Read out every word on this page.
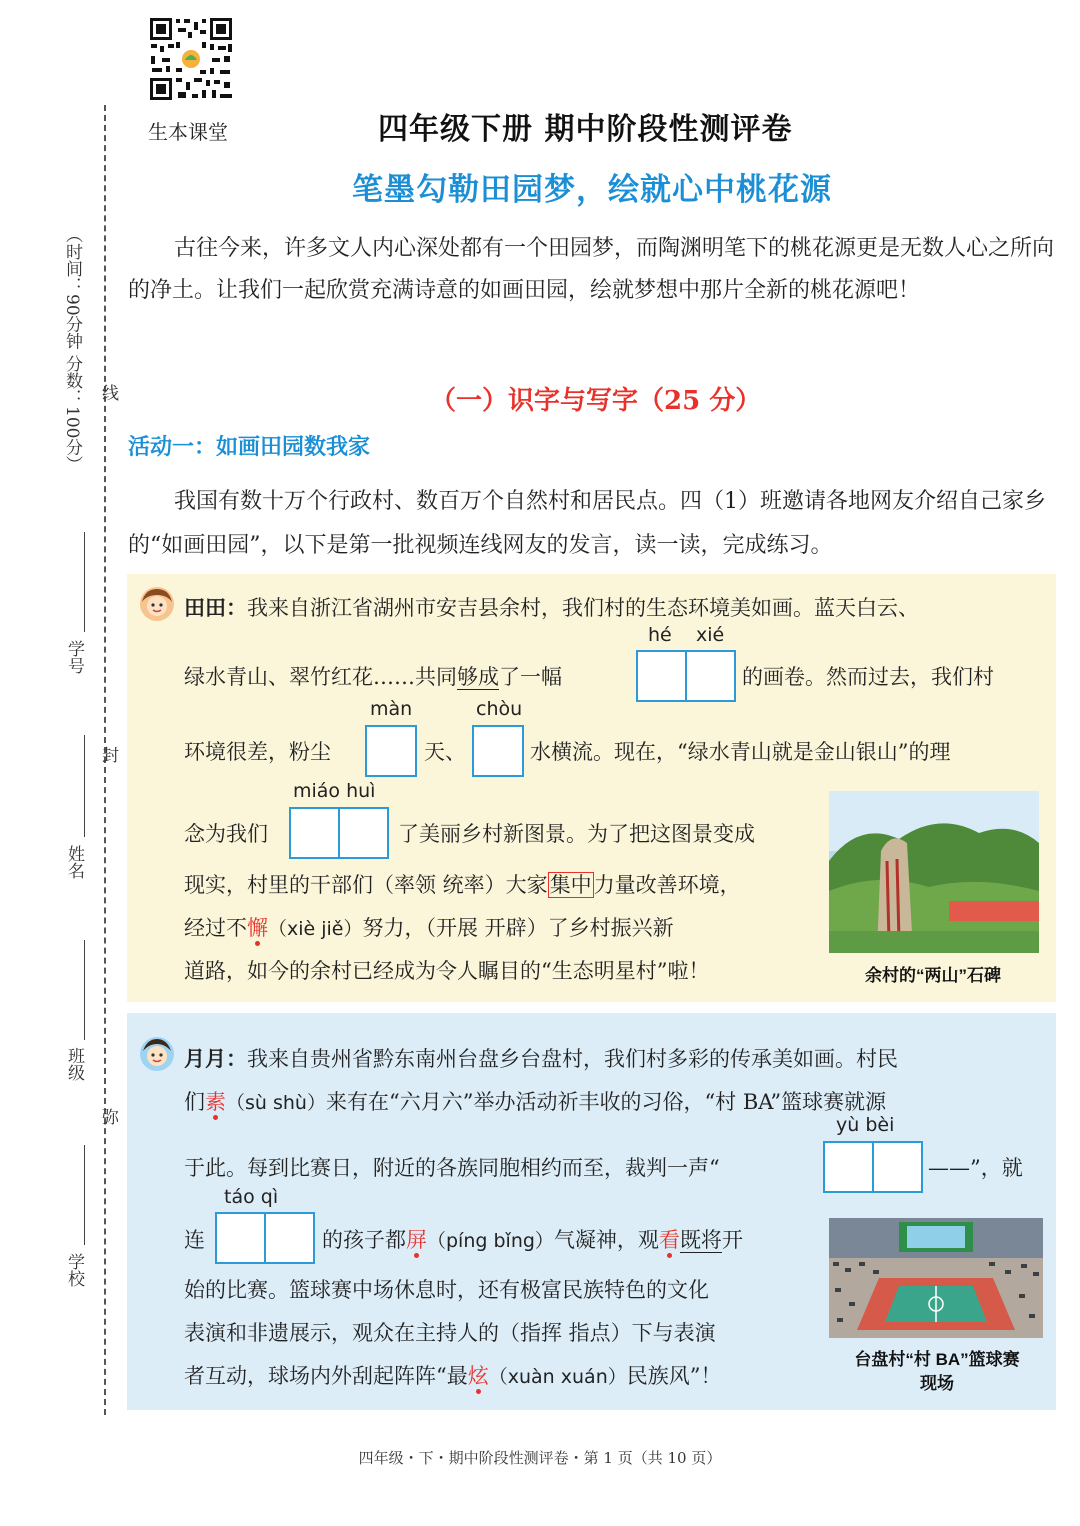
（时间：90分钟 分数：100分） 线
封
弥
学号
姓名
班级
学校
生本课堂	四年级下册 期中阶段性测评卷
笔墨勾勒田园梦，绘就心中桃花源
古往今来，许多文人内心深处都有一个田园梦，而陶渊明笔下的桃花源更是无数人心之所向的净土。让我们一起欣赏充满诗意的如画田园，绘就梦想中那片全新的桃花源吧！
（一）识字与写字（25 分）
活动一：如画田园数我家
我国有数十万个行政村、数百万个自然村和居民点。四（1）班邀请各地网友介绍自己家乡的“如画田园”，以下是第一批视频连线网友的发言，读一读，完成练习。
田田：我来自浙江省湖州市安吉县余村，我们村的生态环境美如画。蓝天白云、
hé xié
绿水青山、翠竹红花……共同够成了一幅	的画卷。然而过去，我们村
màn	chòu
环境很差，粉尘	天、	水横流。现在，“绿水青山就是金山银山”的理
miáo huì
念为我们	了美丽乡村新图景。为了把这图景变成
现实，村里的干部们（率领 统率）大家集中力量改善环境，
经过不懈（xiè jiě）努力，（开展 开辟）了乡村振兴新
道路，如今的余村已经成为令人瞩目的“生态明星村”啦！	余村的“两山”石碑
月月：我来自贵州省黔东南州台盘乡台盘村，我们村多彩的传承美如画。村民
们素（sù shù）来有在“六月六”举办活动祈丰收的习俗，“村 BA”篮球赛就源
yù bèi
于此。每到比赛日，附近的各族同胞相约而至，裁判一声“	——”，就
táo qì
连	的孩子都屏（píng bǐng）气凝神，观看既将开
始的比赛。篮球赛中场休息时，还有极富民族特色的文化
表演和非遗展示，观众在主持人的（指挥 指点）下与表演
者互动，球场内外刮起阵阵“最炫（xuàn xuán）民族风”！
台盘村“村 BA”篮球赛
现场
四年级・下・期中阶段性测评卷・第 1 页（共 10 页）
